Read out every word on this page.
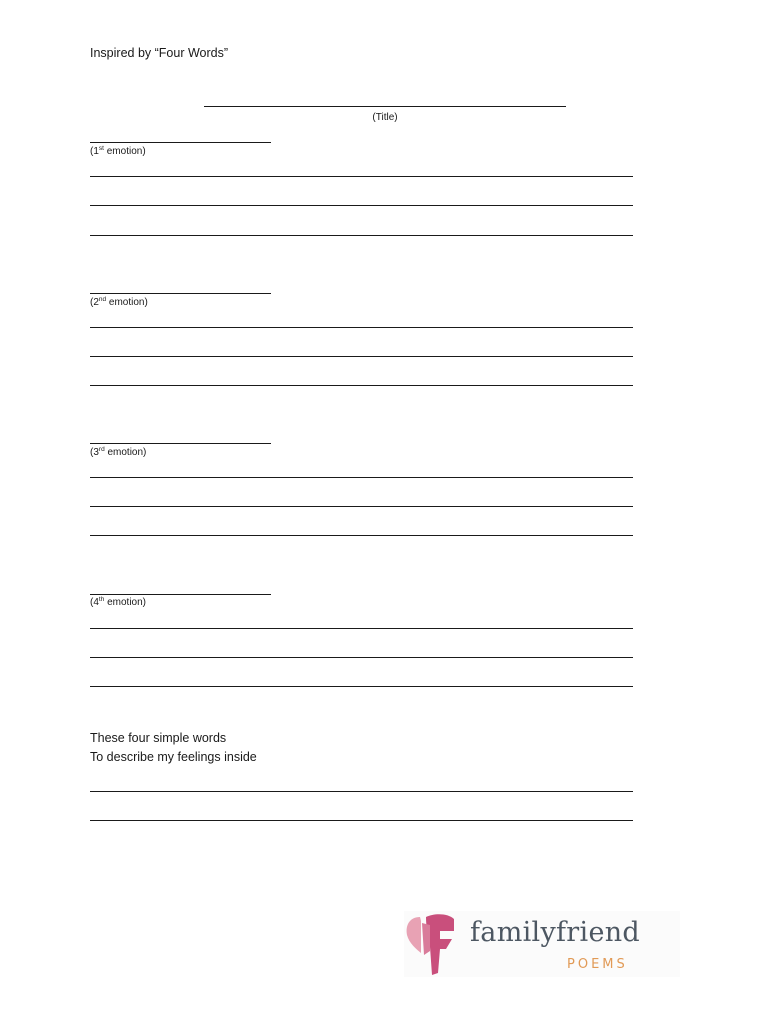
Inspired by “Four Words”
(Title)
(1st emotion)
(2nd emotion)
(3rd emotion)
(4th emotion)
These four simple words
To describe my feelings inside
familyfriend
POEMS
